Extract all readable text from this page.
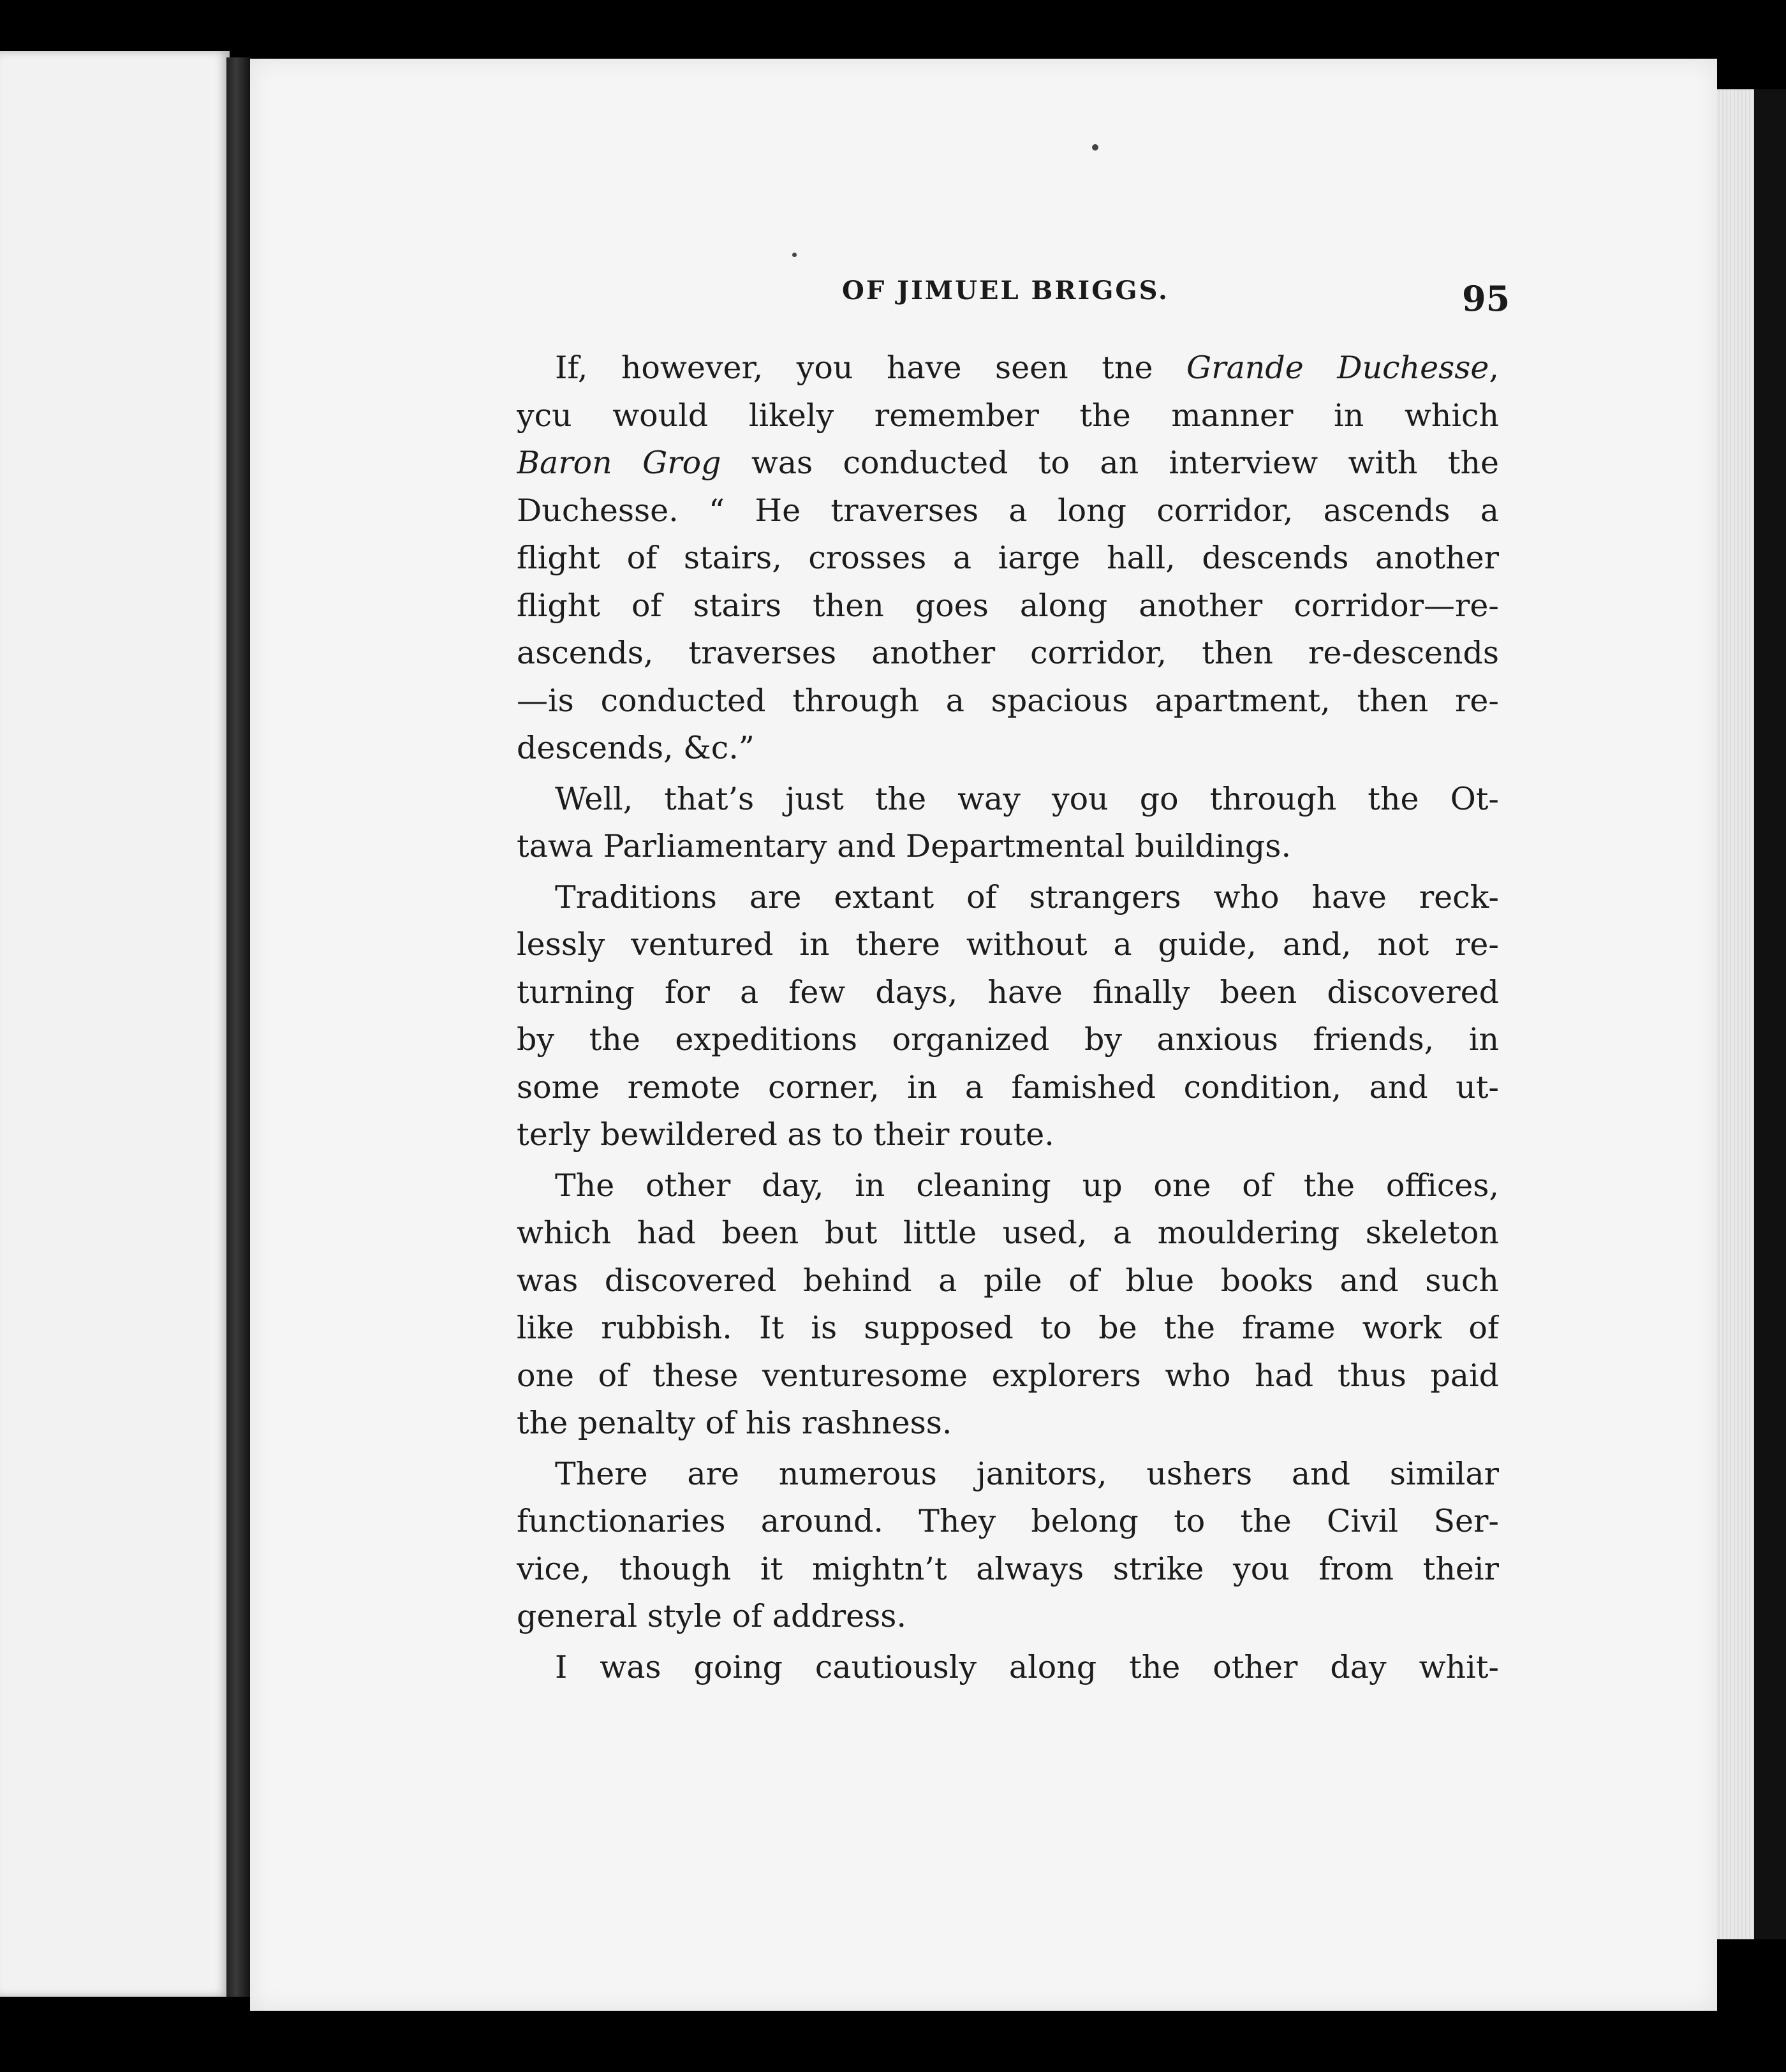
OF JIMUEL BRIGGS.	95
If, however, you have seen tne Grande Duchesse,
ycu would likely remember the manner in which
Baron Grog was conducted to an interview with the
Duchesse. “ He traverses a long corridor, ascends a
flight of stairs, crosses a iarge hall, descends another
flight of stairs then goes along another corridor—re-
ascends, traverses another corridor, then re-descends
—is conducted through a spacious apartment, then re-
descends, &c.”
Well, that’s just the way you go through the Ot-
tawa Parliamentary and Departmental buildings.
Traditions are extant of strangers who have reck-
lessly ventured in there without a guide, and, not re-
turning for a few days, have finally been discovered
by the expeditions organized by anxious friends, in
some remote corner, in a famished condition, and ut-
terly bewildered as to their route.
The other day, in cleaning up one of the offices,
which had been but little used, a mouldering skeleton
was discovered behind a pile of blue books and such
like rubbish. It is supposed to be the frame work of
one of these venturesome explorers who had thus paid
the penalty of his rashness.
There are numerous janitors, ushers and similar
functionaries around. They belong to the Civil Ser-
vice, though it mightn’t always strike you from their
general style of address.
I was going cautiously along the other day whit-
